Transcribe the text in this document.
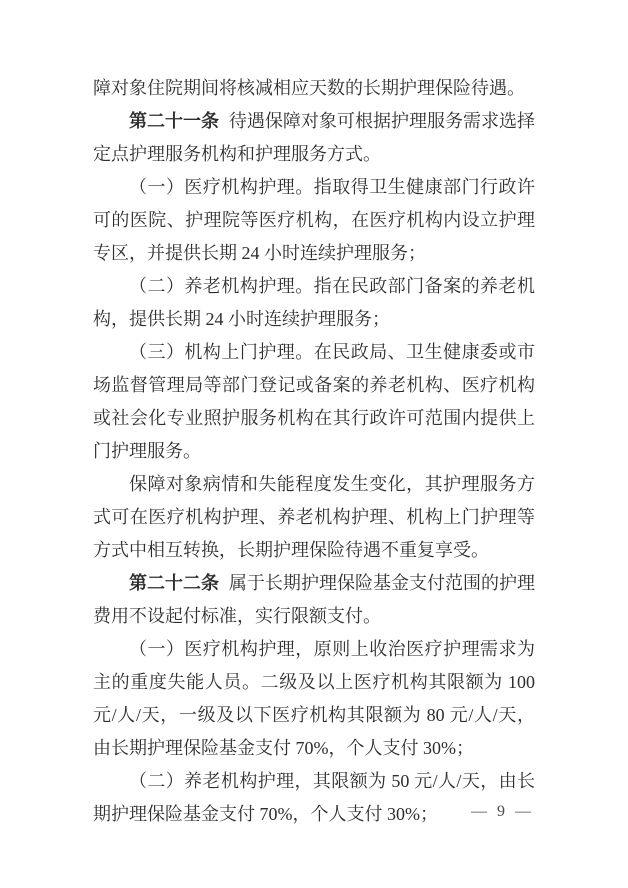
障对象住院期间将核减相应天数的长期护理保险待遇。

第二十一条 待遇保障对象可根据护理服务需求选择定点护理服务机构和护理服务方式。

（一）医疗机构护理。指取得卫生健康部门行政许可的医院、护理院等医疗机构，在医疗机构内设立护理专区，并提供长期 24 小时连续护理服务；

（二）养老机构护理。指在民政部门备案的养老机构，提供长期 24 小时连续护理服务；

（三）机构上门护理。在民政局、卫生健康委或市场监督管理局等部门登记或备案的养老机构、医疗机构或社会化专业照护服务机构在其行政许可范围内提供上门护理服务。

保障对象病情和失能程度发生变化，其护理服务方式可在医疗机构护理、养老机构护理、机构上门护理等方式中相互转换，长期护理保险待遇不重复享受。

第二十二条 属于长期护理保险基金支付范围的护理费用不设起付标准，实行限额支付。

（一）医疗机构护理，原则上收治医疗护理需求为主的重度失能人员。二级及以上医疗机构其限额为 100 元/人/天，一级及以下医疗机构其限额为 80 元/人/天，由长期护理保险基金支付 70%，个人支付 30%；

（二）养老机构护理，其限额为 50 元/人/天，由长期护理保险基金支付 70%，个人支付 30%；	— 9 —
